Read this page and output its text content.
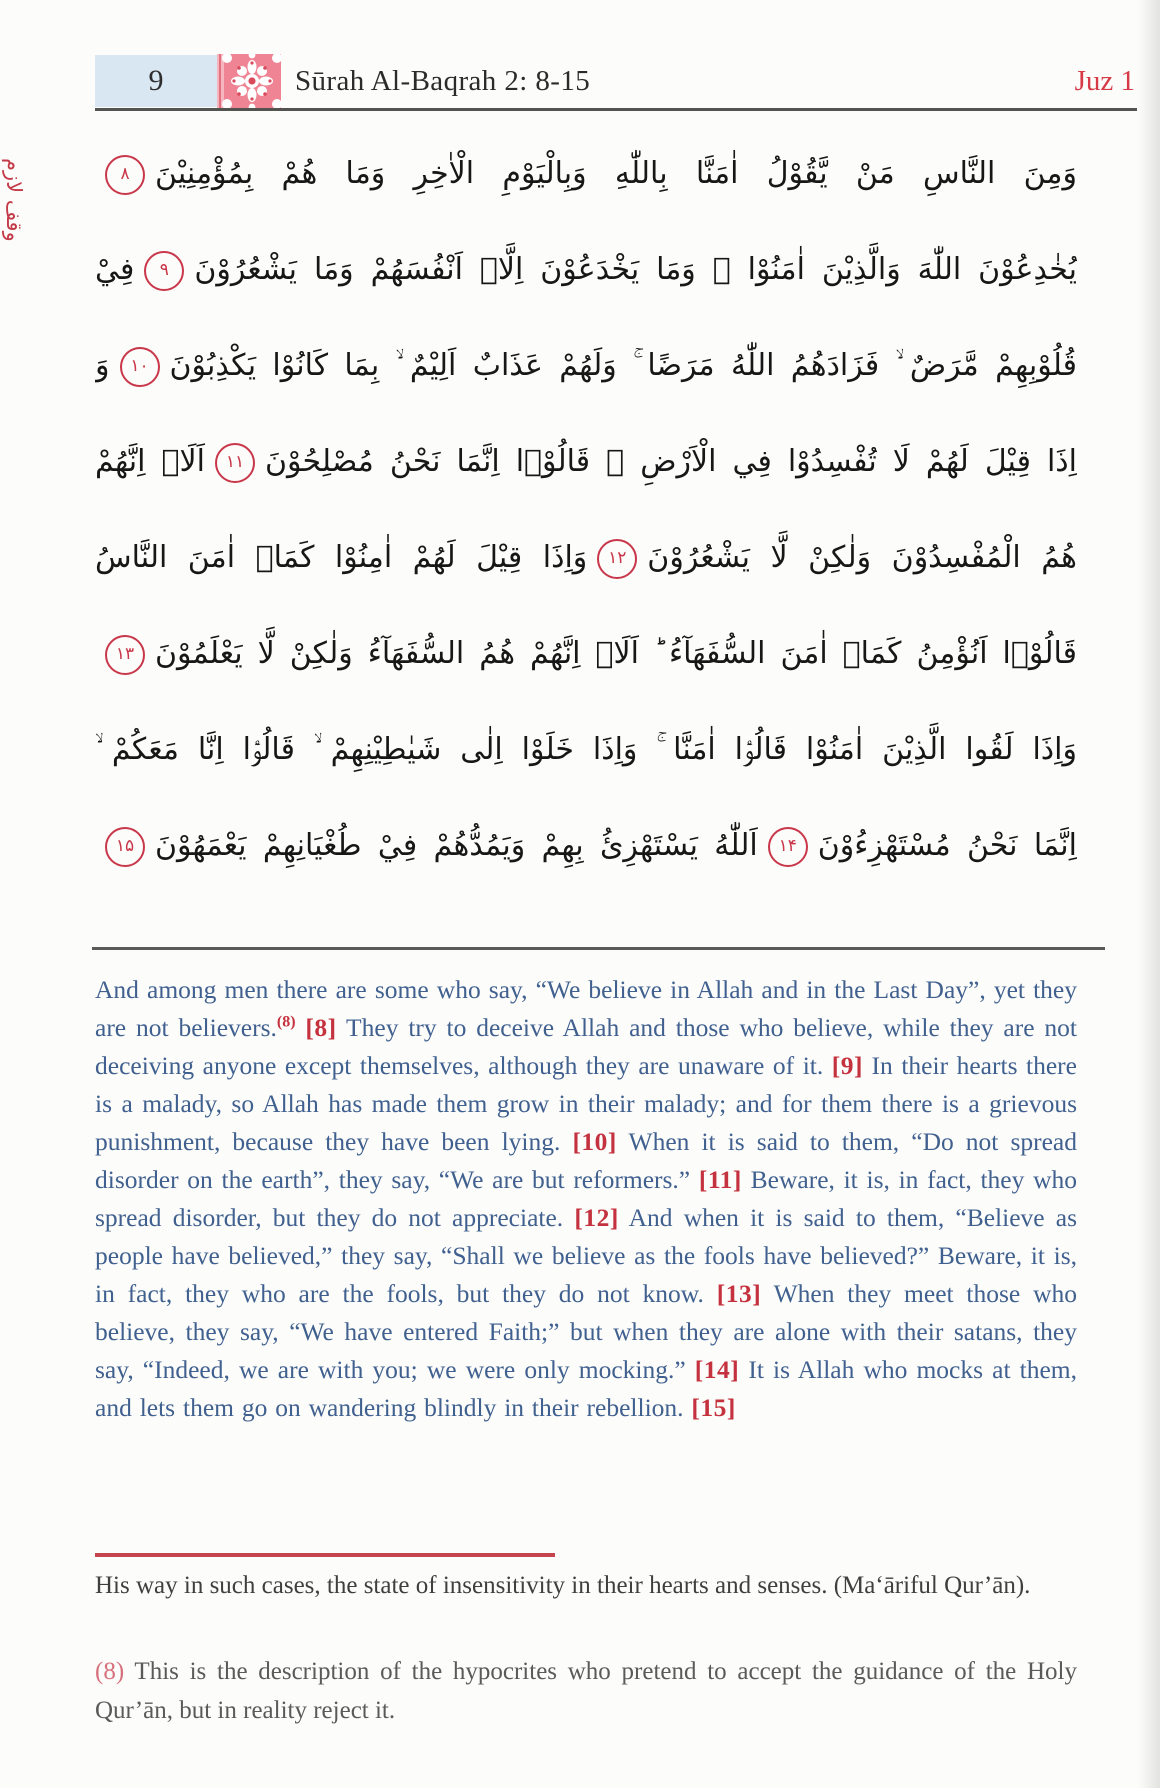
9	Sūrah Al-Baqrah 2: 8-15	Juz 1
وقف لازم	وَمِنَ النَّاسِ مَنْ يَّقُوْلُ اٰمَنَّا بِاللّٰهِ وَبِالْيَوْمِ الْاٰخِرِ وَمَا هُمْ بِمُؤْمِنِيْنَ۸
يُخٰدِعُوْنَ اللّٰهَ وَالَّذِيْنَ اٰمَنُوْا ۚ وَمَا يَخْدَعُوْنَ اِلَّاۤ اَنْفُسَهُمْ وَمَا يَشْعُرُوْنَ۹فِيْ
قُلُوْبِهِمْ مَّرَضٌ ۙ فَزَادَهُمُ اللّٰهُ مَرَضًا ۚ وَلَهُمْ عَذَابٌ اَلِيْمٌ ۙ بِمَا كَانُوْا يَكْذِبُوْنَ۱۰وَ
اِذَا قِيْلَ لَهُمْ لَا تُفْسِدُوْا فِي الْاَرْضِ ۙ قَالُوْۤا اِنَّمَا نَحْنُ مُصْلِحُوْنَ۱۱اَلَاۤ اِنَّهُمْ
هُمُ الْمُفْسِدُوْنَ وَلٰكِنْ لَّا يَشْعُرُوْنَ۱۲وَاِذَا قِيْلَ لَهُمْ اٰمِنُوْا كَمَاۤ اٰمَنَ النَّاسُ
قَالُوْۤا اَنُؤْمِنُ كَمَاۤ اٰمَنَ السُّفَهَآءُ ؕ اَلَاۤ اِنَّهُمْ هُمُ السُّفَهَآءُ وَلٰكِنْ لَّا يَعْلَمُوْنَ۱۳
وَاِذَا لَقُوا الَّذِيْنَ اٰمَنُوْا قَالُوْۤا اٰمَنَّا ۚ وَاِذَا خَلَوْا اِلٰى شَيٰطِيْنِهِمْ ۙ قَالُوْۤا اِنَّا مَعَكُمْ ۙ
اِنَّمَا نَحْنُ مُسْتَهْزِءُوْنَ۱۴اَللّٰهُ يَسْتَهْزِئُ بِهِمْ وَيَمُدُّهُمْ فِيْ طُغْيَانِهِمْ يَعْمَهُوْنَ۱۵
And among men there are some who say, “We believe in Allah and in the Last Day”, yet they are not believers.$^{(8)}$ [8] They try to deceive Allah and those who believe, while they are not deceiving anyone except themselves, although they are unaware of it. [9] In their hearts there is a malady, so Allah has made them grow in their malady; and for them there is a grievous punishment, because they have been lying. [10] When it is said to them, “Do not spread disorder on the earth”, they say, “We are but reformers.” [11] Beware, it is, in fact, they who spread disorder, but they do not appreciate. [12] And when it is said to them, “Believe as people have believed,” they say, “Shall we believe as the fools have believed?” Beware, it is, in fact, they who are the fools, but they do not know. [13] When they meet those who believe, they say, “We have entered Faith;” but when they are alone with their satans, they say, “Indeed, we are with you; we were only mocking.” [14] It is Allah who mocks at them, and lets them go on wandering blindly in their rebellion. [15]
His way in such cases, the state of insensitivity in their hearts and senses. (Ma‘āriful Qur’ān).
(8) This is the description of the hypocrites who pretend to accept the guidance of the Holy Qur’ān, but in reality reject it.
